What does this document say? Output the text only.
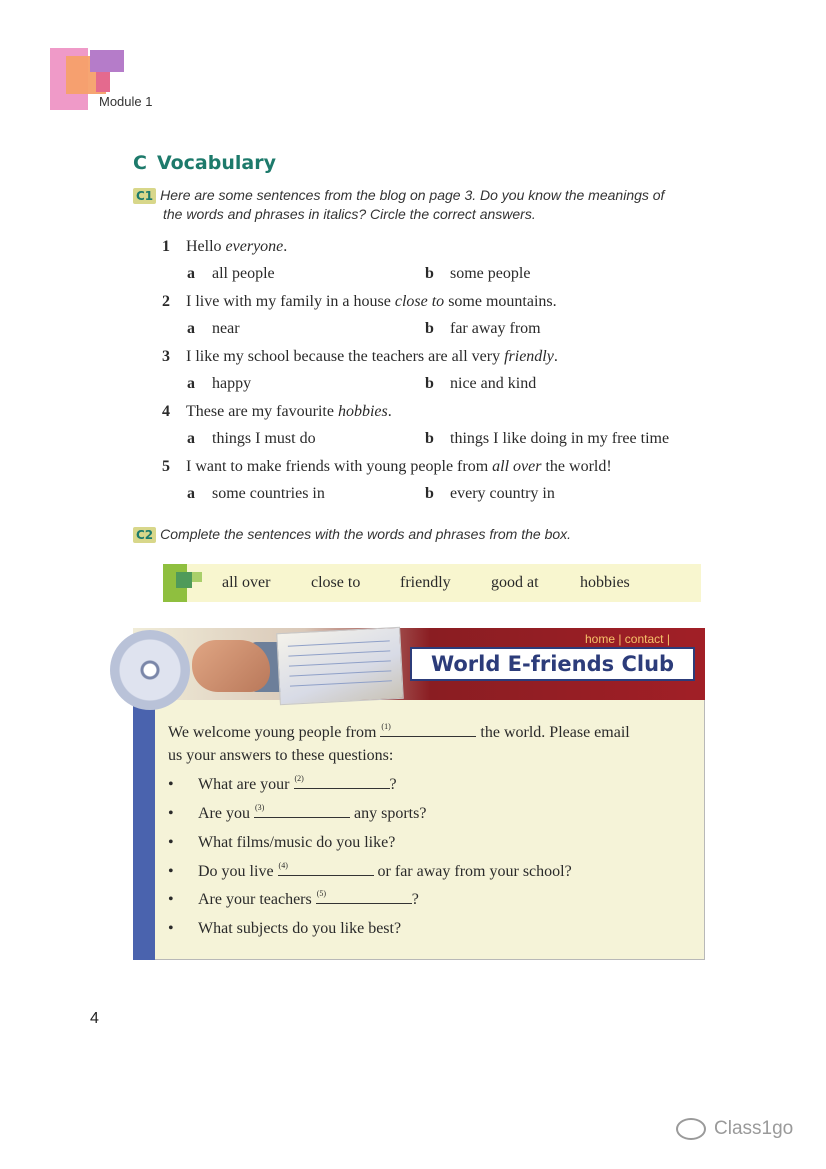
Module 1
C Vocabulary
C1 Here are some sentences from the blog on page 3. Do you know the meanings of
the words and phrases in italics? Circle the correct answers.
1 Hello everyone.
a all people	b some people
2 I live with my family in a house close to some mountains.
a near	b far away from
3 I like my school because the teachers are all very friendly.
a happy	b nice and kind
4 These are my favourite hobbies.
a things I must do	b things I like doing in my free time
5 I want to make friends with young people from all over the world!
a some countries in	b every country in
C2 Complete the sentences with the words and phrases from the box.
all over	close to friendly	good at	hobbies
home | contact |
World E-friends Club
We welcome young people from (1)	the world. Please email
us your answers to these questions:
• What are your (2)	?
• Are you (3)	any sports?
• What films/music do you like?
• Do you live (4)	or far away from your school?
• Are your teachers (5)	?
• What subjects do you like best?
4
Class1go
